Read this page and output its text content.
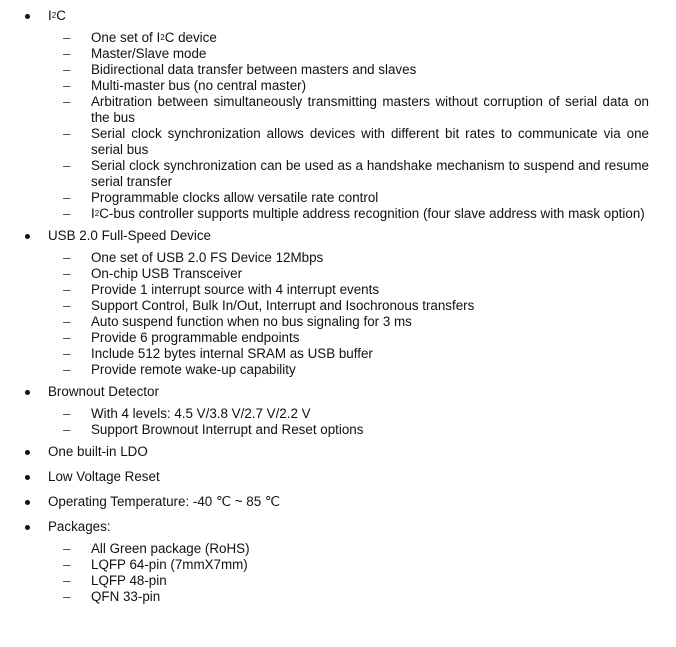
$I^2C$
– One set of $I^2C$ device
– Master/Slave mode
– Bidirectional data transfer between masters and slaves
– Multi-master bus (no central master)
– Arbitration between simultaneously transmitting masters without corruption of serial data on the bus
– Serial clock synchronization allows devices with different bit rates to communicate via one serial bus
– Serial clock synchronization can be used as a handshake mechanism to suspend and resume serial transfer
– Programmable clocks allow versatile rate control
– $I^2C$-bus controller supports multiple address recognition (four slave address with mask option)
USB 2.0 Full-Speed Device
– One set of USB 2.0 FS Device 12Mbps
– On-chip USB Transceiver
– Provide 1 interrupt source with 4 interrupt events
– Support Control, Bulk In/Out, Interrupt and Isochronous transfers
– Auto suspend function when no bus signaling for 3 ms
– Provide 6 programmable endpoints
– Include 512 bytes internal SRAM as USB buffer
– Provide remote wake-up capability
Brownout Detector
– With 4 levels: 4.5 V/3.8 V/2.7 V/2.2 V
– Support Brownout Interrupt and Reset options
One built-in LDO
Low Voltage Reset
Operating Temperature: -40 ℃ ~ 85 ℃
Packages:
– All Green package (RoHS)
– LQFP 64-pin (7mmX7mm)
– LQFP 48-pin
– QFN 33-pin
